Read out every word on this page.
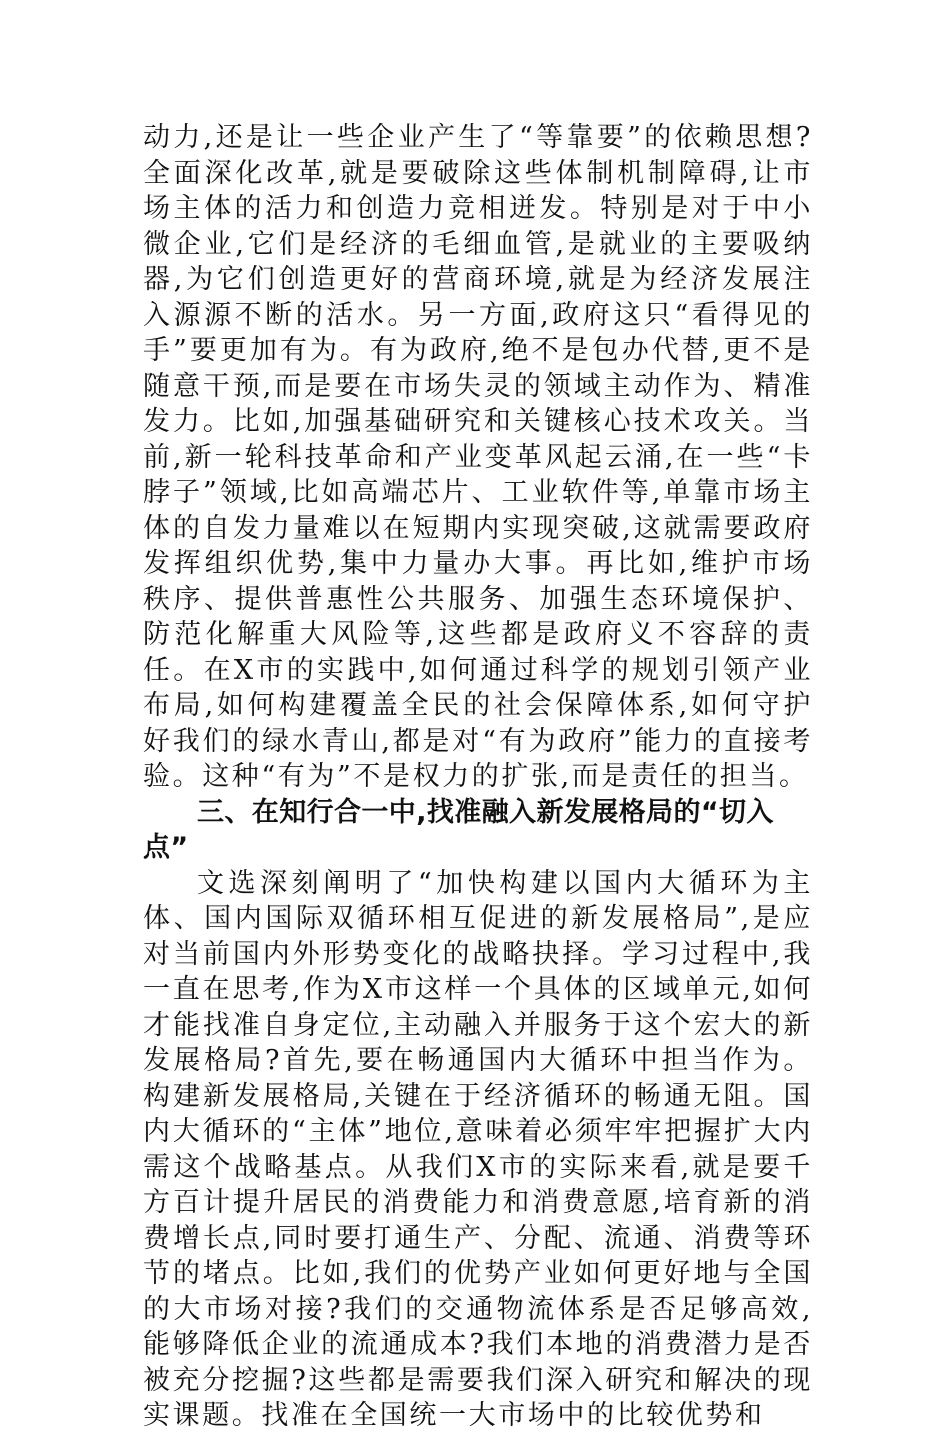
动力,还是让一些企业产生了“等靠要”的依赖思想?全面深化改革,就是要破除这些体制机制障碍,让市场主体的活力和创造力竞相迸发。特别是对于中小微企业,它们是经济的毛细血管,是就业的主要吸纳器,为它们创造更好的营商环境,就是为经济发展注入源源不断的活水。另一方面,政府这只“看得见的手”要更加有为。有为政府,绝不是包办代替,更不是随意干预,而是要在市场失灵的领域主动作为、精准发力。比如,加强基础研究和关键核心技术攻关。当前,新一轮科技革命和产业变革风起云涌,在一些“卡脖子”领域,比如高端芯片、工业软件等,单靠市场主体的自发力量难以在短期内实现突破,这就需要政府发挥组织优势,集中力量办大事。再比如,维护市场秩序、提供普惠性公共服务、加强生态环境保护、防范化解重大风险等,这些都是政府义不容辞的责任。在X市的实践中,如何通过科学的规划引领产业布局,如何构建覆盖全民的社会保障体系,如何守护好我们的绿水青山,都是对“有为政府”能力的直接考验。这种“有为”不是权力的扩张,而是责任的担当。

三、在知行合一中,找准融入新发展格局的“切入点”

文选深刻阐明了“加快构建以国内大循环为主体、国内国际双循环相互促进的新发展格局”,是应对当前国内外形势变化的战略抉择。学习过程中,我一直在思考,作为X市这样一个具体的区域单元,如何才能找准自身定位,主动融入并服务于这个宏大的新发展格局?首先,要在畅通国内大循环中担当作为。构建新发展格局,关键在于经济循环的畅通无阻。国内大循环的“主体”地位,意味着必须牢牢把握扩大内需这个战略基点。从我们X市的实际来看,就是要千方百计提升居民的消费能力和消费意愿,培育新的消费增长点,同时要打通生产、分配、流通、消费等环节的堵点。比如,我们的优势产业如何更好地与全国的大市场对接?我们的交通物流体系是否足够高效,能够降低企业的流通成本?我们本地的消费潜力是否被充分挖掘?这些都是需要我们深入研究和解决的现实课题。找准在全国统一大市场中的比较优势和
